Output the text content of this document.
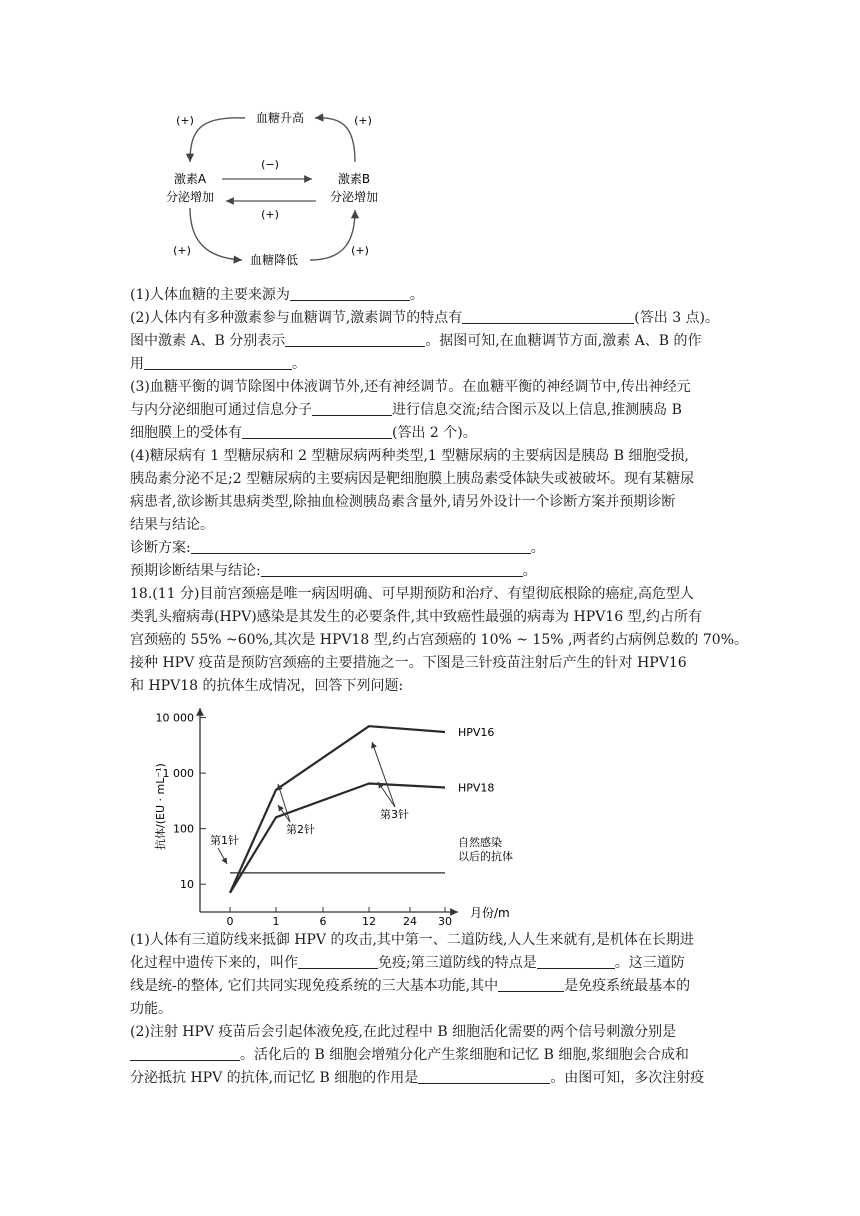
血糖升高
血糖降低
激素A
分泌增加
激素B
分泌增加
(+)	(+)
(+)	(+)
(−)
(+)
(1)人体血糖的主要来源为	。
(2)人体内有多种激素参与血糖调节,激素调节的特点有	(答出 3 点)。
图中激素 A、B 分别表示	。据图可知,在血糖调节方面,激素 A、B 的作
用	。
(3)血糖平衡的调节除图中体液调节外,还有神经调节。在血糖平衡的神经调节中,传出神经元
与内分泌细胞可通过信息分子	进行信息交流;结合图示及以上信息,推测胰岛 B
细胞膜上的受体有	(答出 2 个)。
(4)糖尿病有 1 型糖尿病和 2 型糖尿病两种类型,1 型糖尿病的主要病因是胰岛 B 细胞受损,
胰岛素分泌不足;2 型糖尿病的主要病因是靶细胞膜上胰岛素受体缺失或被破坏。现有某糖尿
病患者,欲诊断其患病类型,除抽血检测胰岛素含量外,请另外设计一个诊断方案并预期诊断
结果与结论。
诊断方案:	。
预期诊断结果与结论:	。
18.(11 分)目前宫颈癌是唯一病因明确、可早期预防和治疗、有望彻底根除的癌症,高危型人
类乳头瘤病毒(HPV)感染是其发生的必要条件,其中致癌性最强的病毒为 HPV16 型,约占所有
宫颈癌的 55% ~60%,其次是 HPV18 型,约占宫颈癌的 10% ~ 15% ,两者约占病例总数的 70%。
接种 HPV 疫苗是预防宫颈癌的主要措施之一。下图是三针疫苗注射后产生的针对 HPV16
和 HPV18 的抗体生成情况，回答下列问题:
10
100
1 000
10 000
0	1	6	12 24 30
HPV16
HPV18
月份/m
抗体/(EU · mL⁻¹)	第1针
第2针
第3针
自然感染
以后的抗体
(1)人体有三道防线来抵御 HPV 的攻击,其中第一、二道防线,人人生来就有,是机体在长期进
化过程中遗传下来的，叫作	免疫;第三道防线的特点是	。这三道防
线是统-的整体, 它们共同实现免疫系统的三大基本功能,其中	是免疫系统最基本的
功能。
(2)注射 HPV 疫苗后会引起体液免疫,在此过程中 B 细胞活化需要的两个信号刺激分别是
。活化后的 B 细胞会增殖分化产生浆细胞和记忆 B 细胞,浆细胞会合成和
分泌抵抗 HPV 的抗体,而记忆 B 细胞的作用是	。由图可知，多次注射疫
